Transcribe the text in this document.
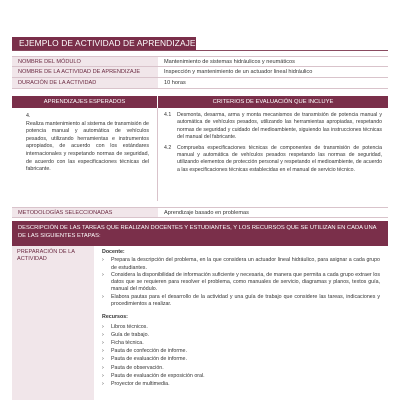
EJEMPLO DE ACTIVIDAD DE APRENDIZAJE
NOMBRE DEL MÓDULO	Mantenimiento de sistemas hidráulicos y neumáticos
NOMBRE DE LA ACTIVIDAD DE APRENDIZAJE	Inspección y mantenimiento de un actuador lineal hidráulico
DURACIÓN DE LA ACTIVIDAD	10 horas
APRENDIZAJES ESPERADOS	CRITERIOS DE EVALUACIÓN QUE INCLUYE
4.
Realiza mantenimiento al sistema de transmisión de potencia manual y automática de vehículos pesados, utilizando herramientas e instrumentos apropiados, de acuerdo con los estándares internacionales y respetando normas de seguridad, de acuerdo con las especificaciones técnicas del fabricante.
4.1	Desmonta, desarma, arma y monta mecanismos de transmisión de potencia manual y automática de vehículos pesados, utilizando las herramientas apropiadas, respetando normas de seguridad y cuidado del medioambiente, siguiendo las instrucciones técnicas del manual del fabricante.
4.2	Comprueba especificaciones técnicas de componentes de transmisión de potencia manual y automática de vehículos pesados respetando las normas de seguridad, utilizando elementos de protección personal y respetando el medioambiente, de acuerdo a las especificaciones técnicas establecidas en el manual de servicio técnico.
METODOLOGÍAS SELECCIONADAS	Aprendizaje basado en problemas
DESCRIPCIÓN DE LAS TAREAS QUE REALIZAN DOCENTES Y ESTUDIANTES, Y LOS RECURSOS QUE SE UTILIZAN EN CADA UNA DE LAS SIGUIENTES ETAPAS:
PREPARACIÓN DE LA ACTIVIDAD
Docente:
›	Prepara la descripción del problema, en la que considera un actuador lineal hidráulico, para asignar a cada grupo de estudiantes.
›	Considera la disponibilidad de información suficiente y necesaria, de manera que permita a cada grupo extraer los datos que se requieren para resolver el problema, como manuales de servicio, diagramas y planos, textos guía, manual del módulo.
›	Elabora pautas para el desarrollo de la actividad y una guía de trabajo que considere las tareas, indicaciones y procedimientos a realizar.
Recursos:
›	Libros técnicos.
›	Guía de trabajo.
›	Ficha técnica.
›	Pauta de confección de informe.
›	Pauta de evaluación de informe.
›	Pauta de observación.
›	Pauta de evaluación de exposición oral.
›	Proyector de multimedia.
